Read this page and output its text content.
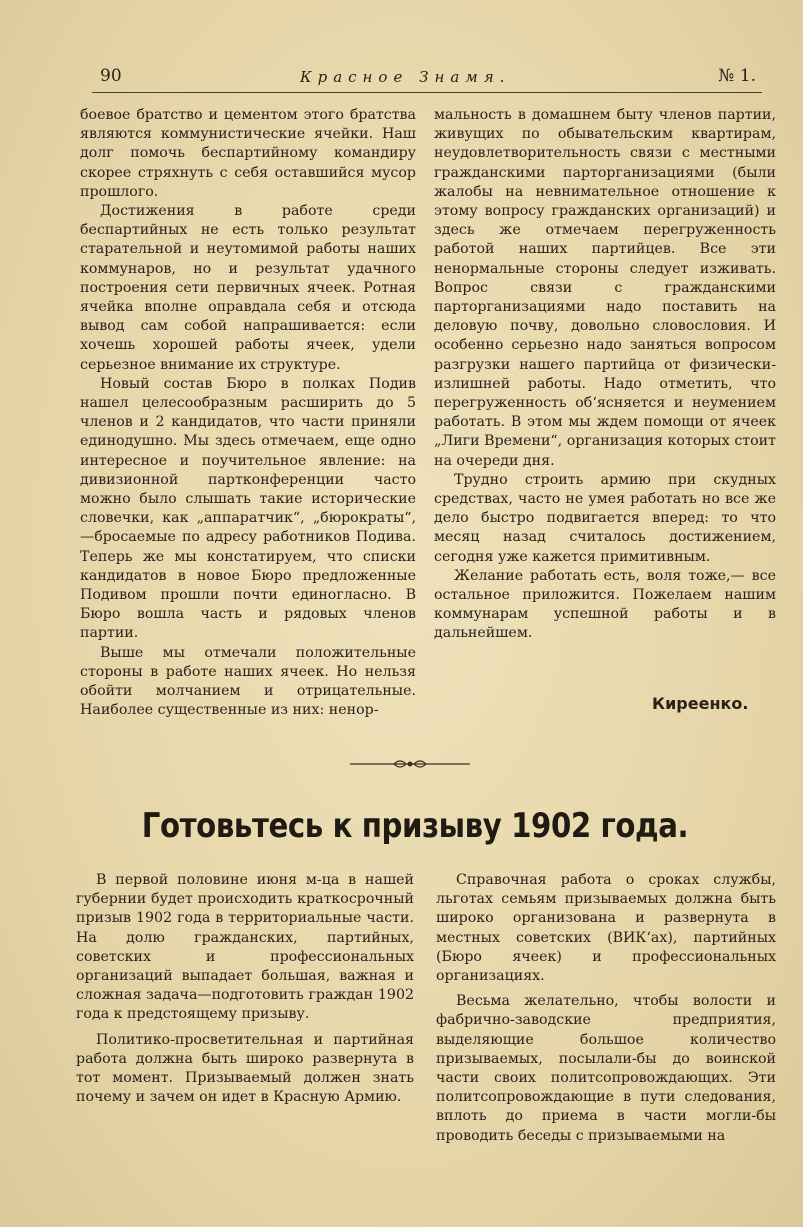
90	Красное Знамя.	№ 1.

боевое братство и цементом этого братства являются коммунистические ячейки. Наш долг помочь беспартийному командиру скорее стряхнуть с себя оставшийся мусор прошлого.

Достижения в работе среди беспартийных не есть только результат старательной и неутомимой работы наших коммунаров, но и результат удачного построения сети первичных ячеек. Ротная ячейка вполне оправдала себя и отсюда вывод сам собой напрашивается: если хочешь хорошей работы ячеек, удели серьезное внимание их структуре.

Новый состав Бюро в полках Подив нашел целесообразным расширить до 5 членов и 2 кандидатов, что части приняли единодушно. Мы здесь отмечаем, еще одно интересное и поучительное явление: на дивизионной партконференции часто можно было слышать такие исторические словечки, как „аппаратчик“, „бюрократы“,—бросаемые по адресу работников Подива. Теперь же мы констатируем, что списки кандидатов в новое Бюро предложенные Подивом прошли почти единогласно. В Бюро вошла часть и рядовых членов партии.

Выше мы отмечали положительные стороны в работе наших ячеек. Но нельзя обойти молчанием и отрицательные. Наиболее существенные из них: ненор-

мальность в домашнем быту членов партии, живущих по обывательским квартирам, неудовлетворительность связи с местными гражданскими парторганизациями (были жалобы на невнимательное отношение к этому вопросу гражданских организаций) и здесь же отмечаем перегруженность работой наших партийцев. Все эти ненормальные стороны следует изживать. Вопрос связи с гражданскими парторганизациями надо поставить на деловую почву, довольно словословия. И особенно серьезно надо заняться вопросом разгрузки нашего партийца от физически-излишней работы. Надо отметить, что перегруженность об‘ясняется и неумением работать. В этом мы ждем помощи от ячеек „Лиги Времени“, организация которых стоит на очереди дня.

Трудно строить армию при скудных средствах, часто не умея работать но все же дело быстро подвигается вперед: то что месяц назад считалось достижением, сегодня уже кажется примитивным.

Желание работать есть, воля тоже,— все остальное приложится. Пожелаем нашим коммунарам успешной работы и в дальнейшем.

Киреенко.
Готовьтесь к призыву 1902 года.

В первой половине июня м-ца в нашей губернии будет происходить краткосрочный призыв 1902 года в территориальные части. На долю гражданских, партийных, советских и профессиональных организаций выпадает большая, важная и сложная задача—подготовить граждан 1902 года к предстоящему призыву.

Политико-просветительная и партийная работа должна быть широко развернута в тот момент. Призываемый должен знать почему и зачем он идет в Красную Армию.

Справочная работа о сроках службы, льготах семьям призываемых должна быть широко организована и развернута в местных советских (ВИК‘ах), партийных (Бюро ячеек) и профессиональных организациях.

Весьма желательно, чтобы волости и фабрично-заводские предприятия, выделяющие большое количество призываемых, посылали-бы до воинской части своих политсопровождающих. Эти политсопровождающие в пути следования, вплоть до приема в части могли-бы проводить беседы с призываемыми на
